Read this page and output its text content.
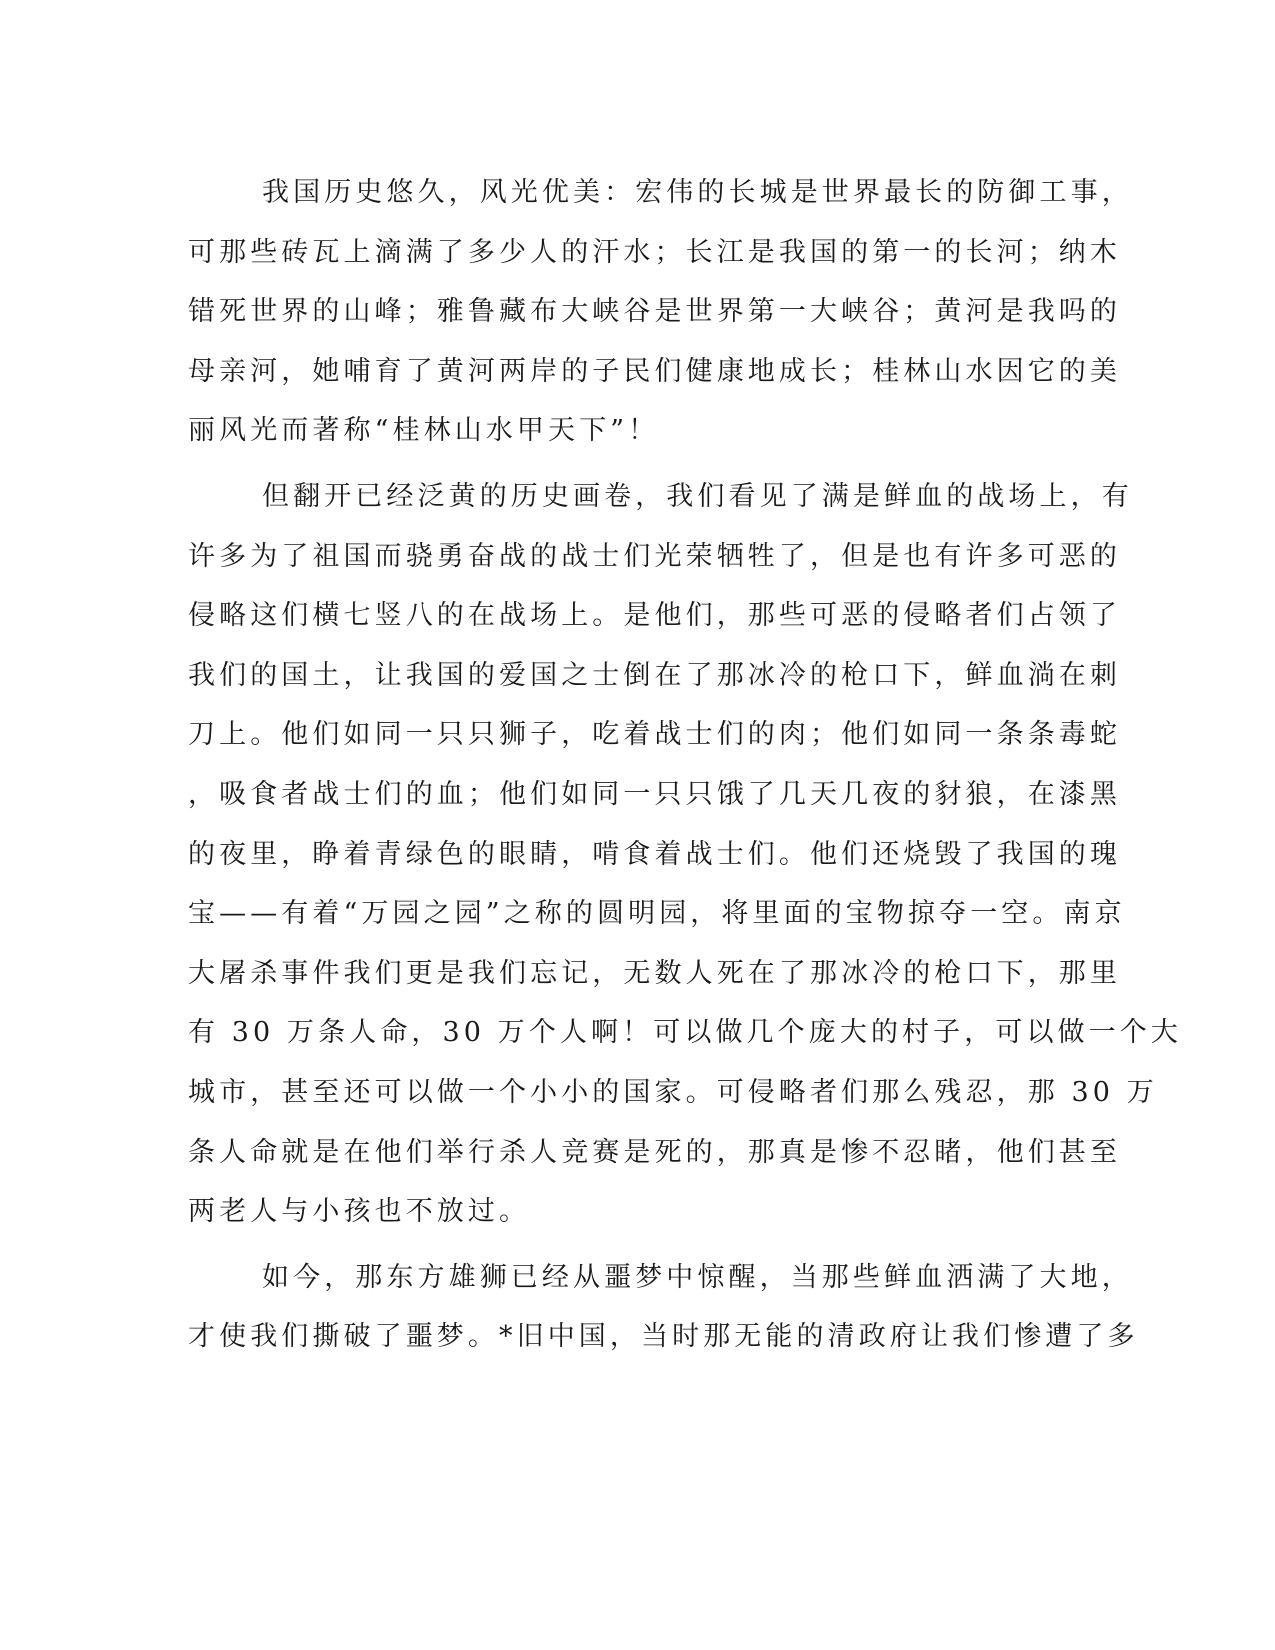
我国历史悠久，风光优美：宏伟的长城是世界最长的防御工事，
可那些砖瓦上滴满了多少人的汗水；长江是我国的第一的长河；纳木
错死世界的山峰；雅鲁藏布大峡谷是世界第一大峡谷；黄河是我吗的
母亲河，她哺育了黄河两岸的子民们健康地成长；桂林山水因它的美
丽风光而著称“桂林山水甲天下”！
但翻开已经泛黄的历史画卷，我们看见了满是鲜血的战场上，有
许多为了祖国而骁勇奋战的战士们光荣牺牲了，但是也有许多可恶的
侵略这们横七竖八的在战场上。是他们，那些可恶的侵略者们占领了
我们的国土，让我国的爱国之士倒在了那冰冷的枪口下，鲜血淌在刺
刀上。他们如同一只只狮子，吃着战士们的肉；他们如同一条条毒蛇
，吸食者战士们的血；他们如同一只只饿了几天几夜的豺狼，在漆黑
的夜里，睁着青绿色的眼睛，啃食着战士们。他们还烧毁了我国的瑰
宝——有着“万园之园”之称的圆明园，将里面的宝物掠夺一空。南京
大屠杀事件我们更是我们忘记，无数人死在了那冰冷的枪口下，那里
有 30 万条人命，30 万个人啊！可以做几个庞大的村子，可以做一个大
城市，甚至还可以做一个小小的国家。可侵略者们那么残忍，那 30 万
条人命就是在他们举行杀人竞赛是死的，那真是惨不忍睹，他们甚至
两老人与小孩也不放过。
如今，那东方雄狮已经从噩梦中惊醒，当那些鲜血洒满了大地，
才使我们撕破了噩梦。*旧中国，当时那无能的清政府让我们惨遭了多
